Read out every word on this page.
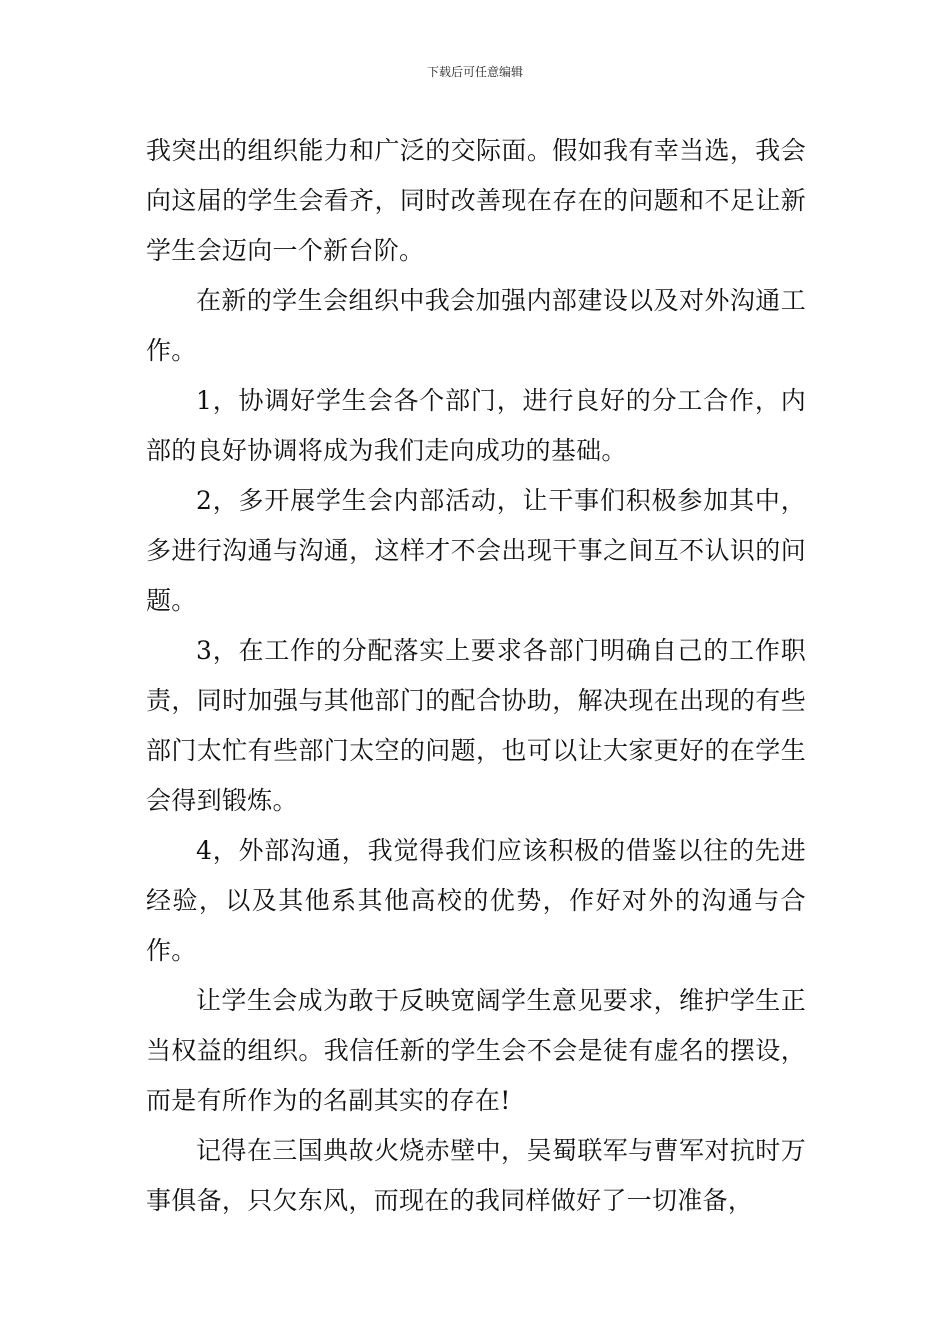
下载后可任意编辑

我突出的组织能力和广泛的交际面。假如我有幸当选，我会向这届的学生会看齐，同时改善现在存在的问题和不足让新学生会迈向一个新台阶。

在新的学生会组织中我会加强内部建设以及对外沟通工作。

1，协调好学生会各个部门，进行良好的分工合作，内部的良好协调将成为我们走向成功的基础。

2，多开展学生会内部活动，让干事们积极参加其中，多进行沟通与沟通，这样才不会出现干事之间互不认识的问题。

3，在工作的分配落实上要求各部门明确自己的工作职责，同时加强与其他部门的配合协助，解决现在出现的有些部门太忙有些部门太空的问题，也可以让大家更好的在学生会得到锻炼。

4，外部沟通，我觉得我们应该积极的借鉴以往的先进经验，以及其他系其他高校的优势，作好对外的沟通与合作。

让学生会成为敢于反映宽阔学生意见要求，维护学生正当权益的组织。我信任新的学生会不会是徒有虚名的摆设，而是有所作为的名副其实的存在!

记得在三国典故火烧赤壁中，吴蜀联军与曹军对抗时万事俱备，只欠东风，而现在的我同样做好了一切准备，
